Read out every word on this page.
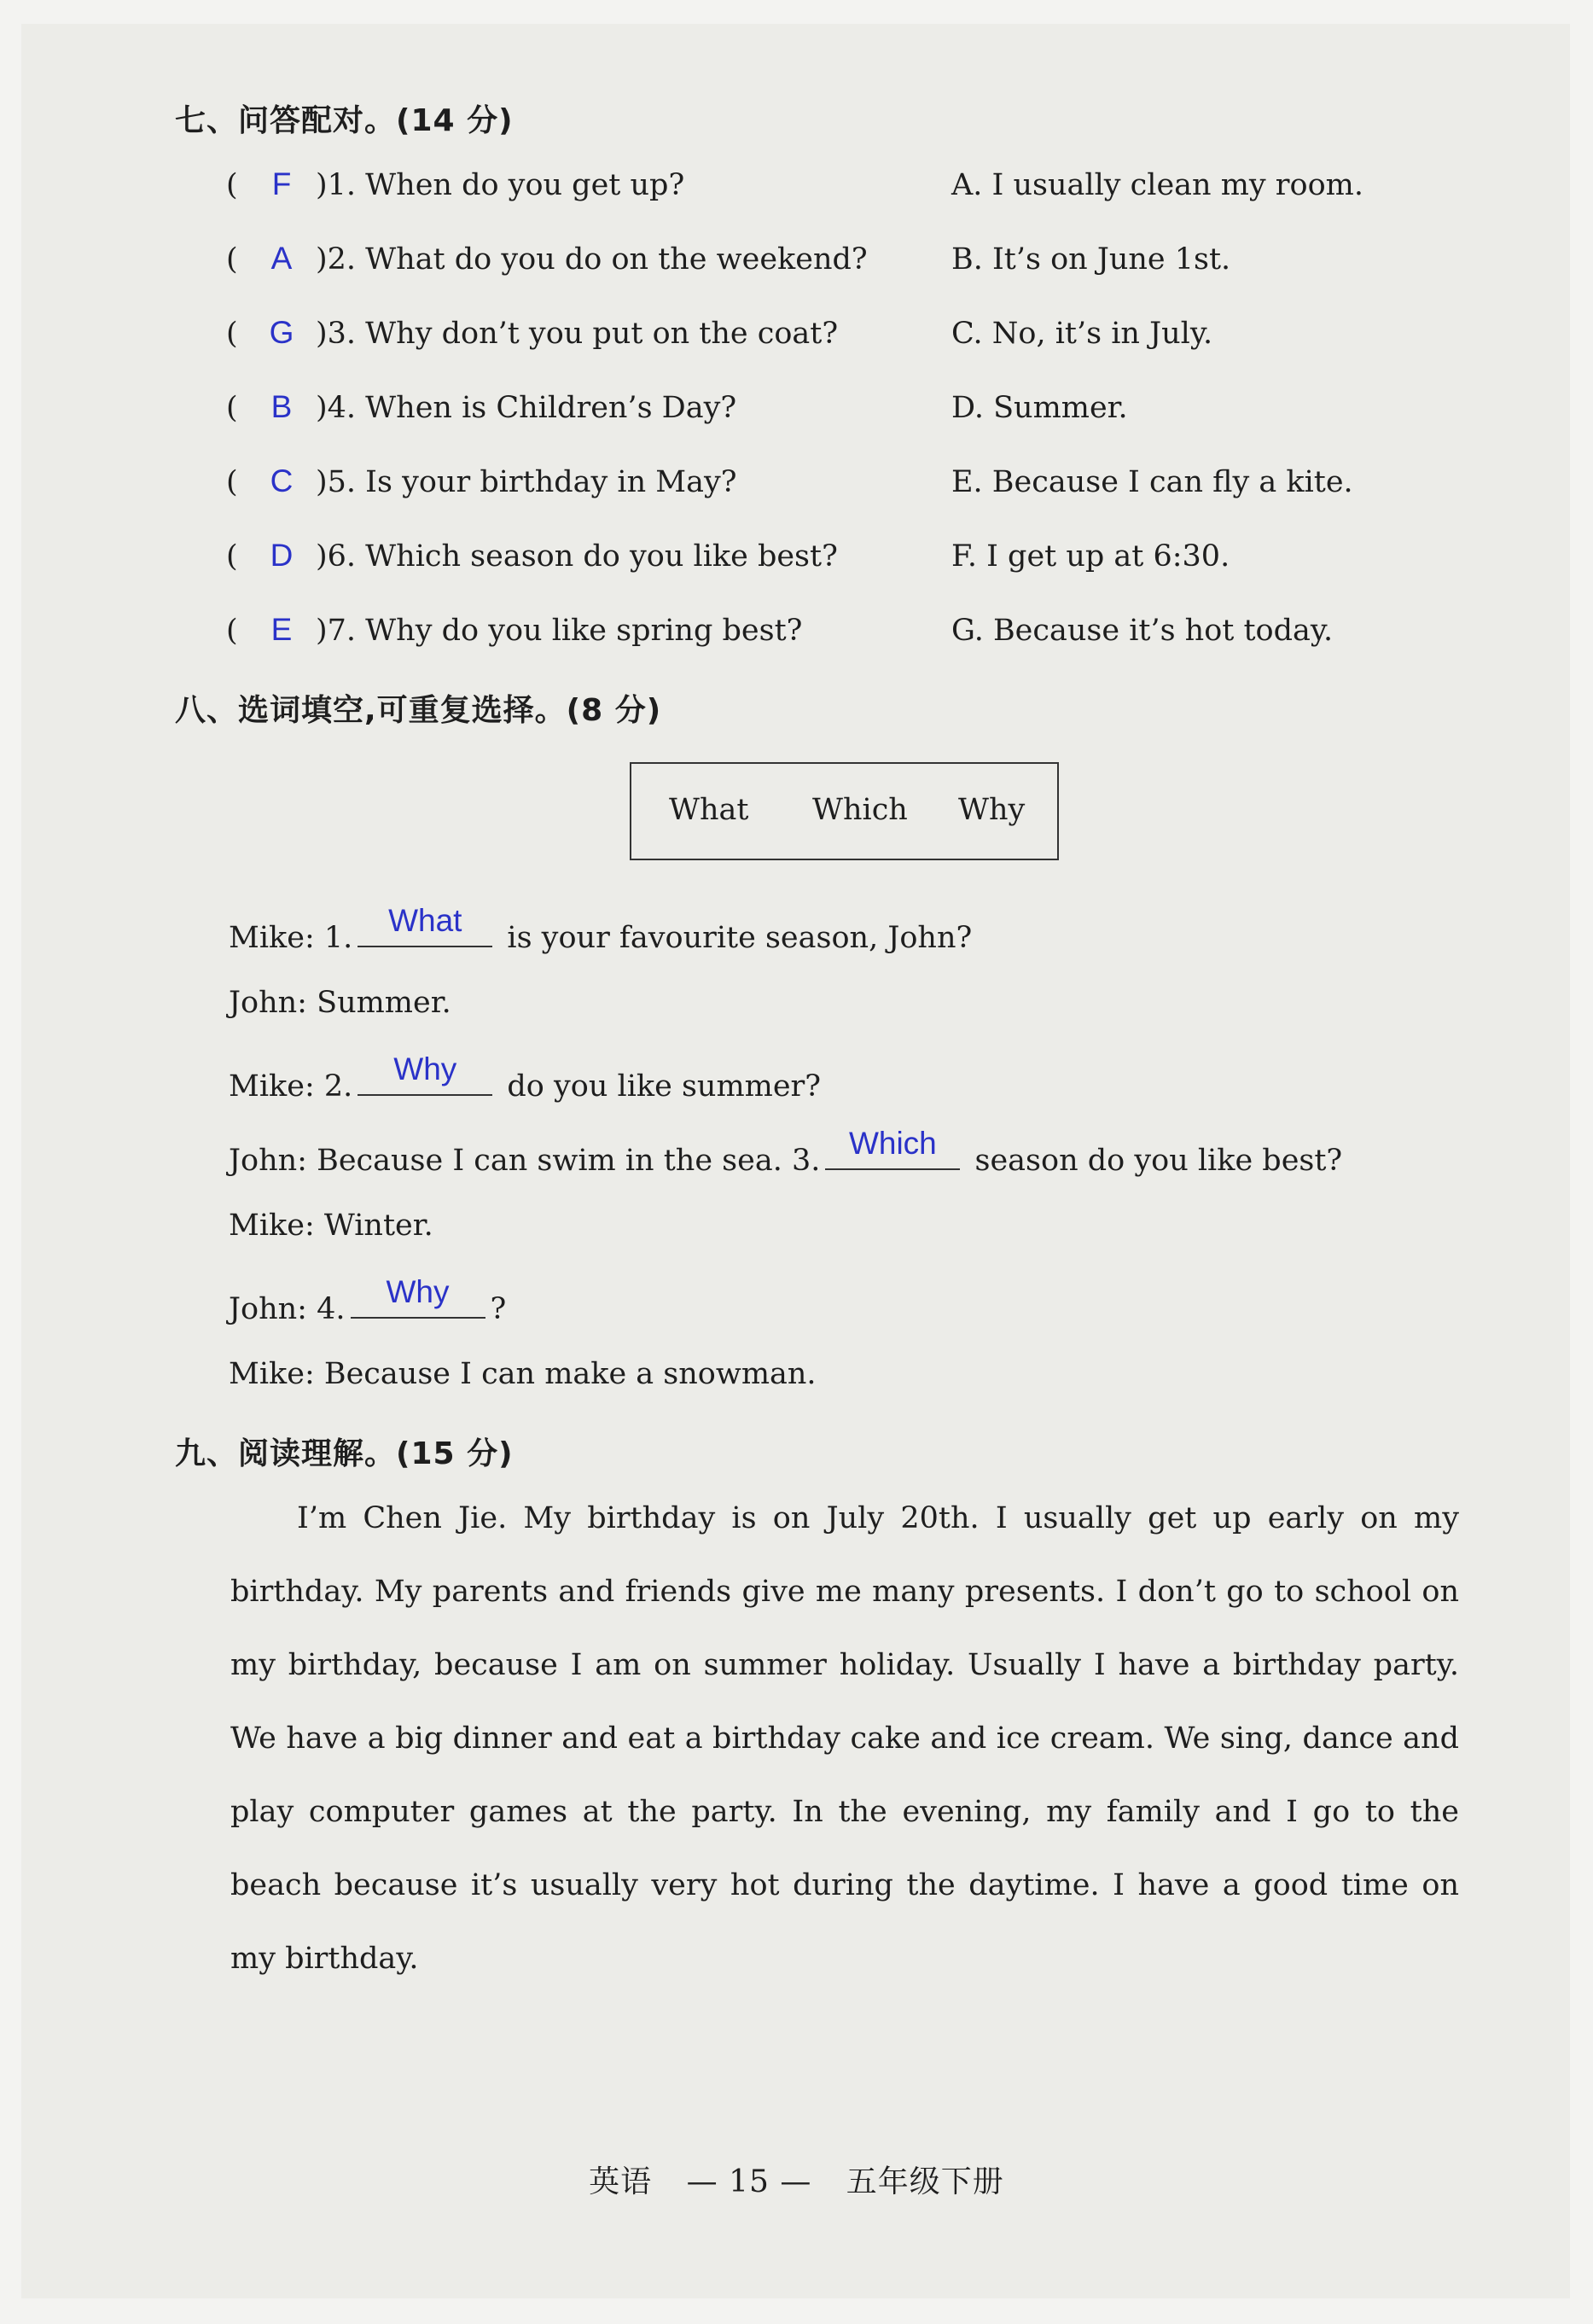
七、问答配对。(14 分)
( F )1. When do you get up?	A. I usually clean my room.
( A )2. What do you do on the weekend?	B. It’s on June 1st.
( G )3. Why don’t you put on the coat?	C. No, it’s in July.
( B )4. When is Children’s Day?	D. Summer.
( C )5. Is your birthday in May?	E. Because I can fly a kite.
( D )6. Which season do you like best?	F. I get up at 6:30.
( E )7. Why do you like spring best?	G. Because it’s hot today.
八、选词填空,可重复选择。(8 分)
What Which Why
Mike: 1.	What	is your favourite season, John?
John: Summer.
Mike: 2.	Why	do you like summer?
John: Because I can swim in the sea. 3. Which	season do you like best?
Mike: Winter.
John: 4.	Why	?
Mike: Because I can make a snowman.
九、阅读理解。(15 分)
I’m Chen Jie. My birthday is on July 20th. I usually get up early on my birthday. My parents and friends give me many presents. I don’t go to school on my birthday, because I am on summer holiday. Usually I have a birthday party. We have a big dinner and eat a birthday cake and ice cream. We sing, dance and play computer games at the party. In the evening, my family and I go to the beach because it’s usually very hot during the daytime. I have a good time on my birthday.
英语 — 15 — 五年级下册
